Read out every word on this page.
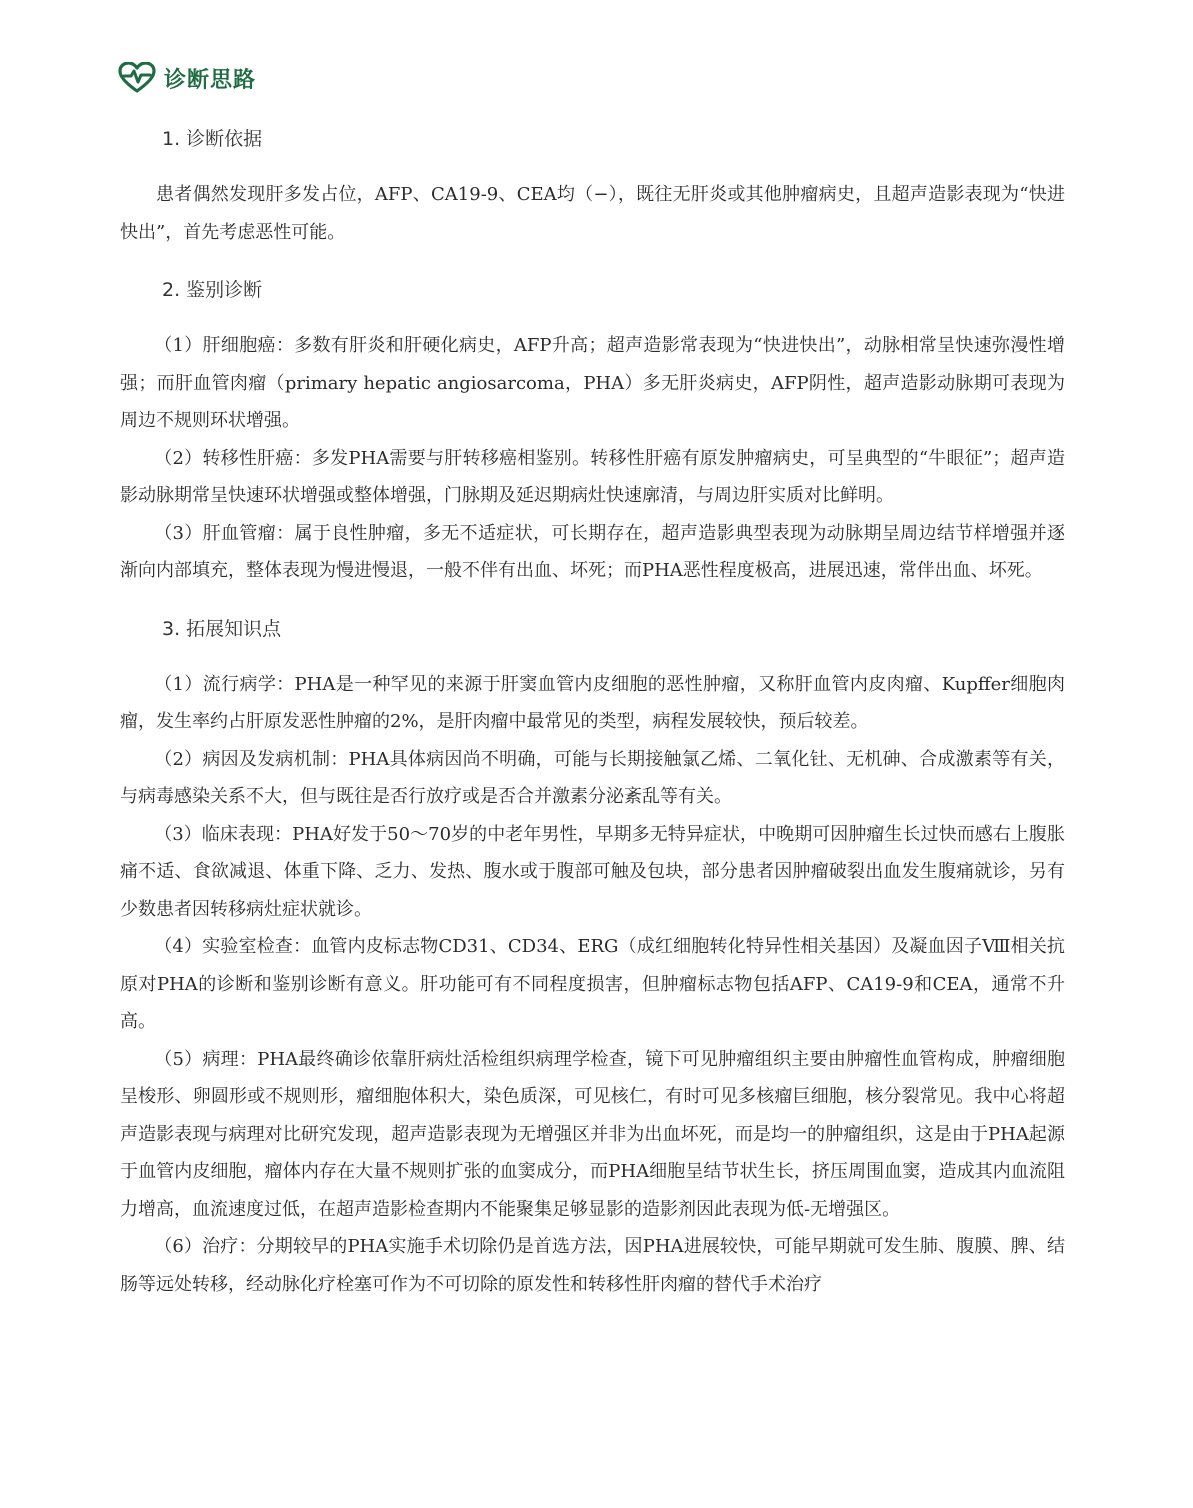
诊断思路
1. 诊断依据

患者偶然发现肝多发占位，AFP、CA19-9、CEA均（−），既往无肝炎或其他肿瘤病史，且超声造影表现为“快进快出”，首先考虑恶性可能。

2. 鉴别诊断

（1）肝细胞癌：多数有肝炎和肝硬化病史，AFP升高；超声造影常表现为“快进快出”，动脉相常呈快速弥漫性增强；而肝血管肉瘤（primary hepatic angiosarcoma，PHA）多无肝炎病史，AFP阴性，超声造影动脉期可表现为周边不规则环状增强。

（2）转移性肝癌：多发PHA需要与肝转移癌相鉴别。转移性肝癌有原发肿瘤病史，可呈典型的“牛眼征”；超声造影动脉期常呈快速环状增强或整体增强，门脉期及延迟期病灶快速廓清，与周边肝实质对比鲜明。

（3）肝血管瘤：属于良性肿瘤，多无不适症状，可长期存在，超声造影典型表现为动脉期呈周边结节样增强并逐渐向内部填充，整体表现为慢进慢退，一般不伴有出血、坏死；而PHA恶性程度极高，进展迅速，常伴出血、坏死。

3. 拓展知识点

（1）流行病学：PHA是一种罕见的来源于肝窦血管内皮细胞的恶性肿瘤，又称肝血管内皮肉瘤、Kupffer细胞肉瘤，发生率约占肝原发恶性肿瘤的2%，是肝肉瘤中最常见的类型，病程发展较快，预后较差。

（2）病因及发病机制：PHA具体病因尚不明确，可能与长期接触氯乙烯、二氧化钍、无机砷、合成激素等有关，与病毒感染关系不大，但与既往是否行放疗或是否合并激素分泌紊乱等有关。

（3）临床表现：PHA好发于50～70岁的中老年男性，早期多无特异症状，中晚期可因肿瘤生长过快而感右上腹胀痛不适、食欲减退、体重下降、乏力、发热、腹水或于腹部可触及包块，部分患者因肿瘤破裂出血发生腹痛就诊，另有少数患者因转移病灶症状就诊。

（4）实验室检查：血管内皮标志物CD31、CD34、ERG（成红细胞转化特异性相关基因）及凝血因子Ⅷ相关抗原对PHA的诊断和鉴别诊断有意义。肝功能可有不同程度损害，但肿瘤标志物包括AFP、CA19-9和CEA，通常不升高。

（5）病理：PHA最终确诊依靠肝病灶活检组织病理学检查，镜下可见肿瘤组织主要由肿瘤性血管构成，肿瘤细胞呈梭形、卵圆形或不规则形，瘤细胞体积大，染色质深，可见核仁，有时可见多核瘤巨细胞，核分裂常见。我中心将超声造影表现与病理对比研究发现，超声造影表现为无增强区并非为出血坏死，而是均一的肿瘤组织，这是由于PHA起源于血管内皮细胞，瘤体内存在大量不规则扩张的血窦成分，而PHA细胞呈结节状生长，挤压周围血窦，造成其内血流阻力增高，血流速度过低，在超声造影检查期内不能聚集足够显影的造影剂因此表现为低-无增强区。

（6）治疗：分期较早的PHA实施手术切除仍是首选方法，因PHA进展较快，可能早期就可发生肺、腹膜、脾、结肠等远处转移，经动脉化疗栓塞可作为不可切除的原发性和转移性肝肉瘤的替代手术治疗
